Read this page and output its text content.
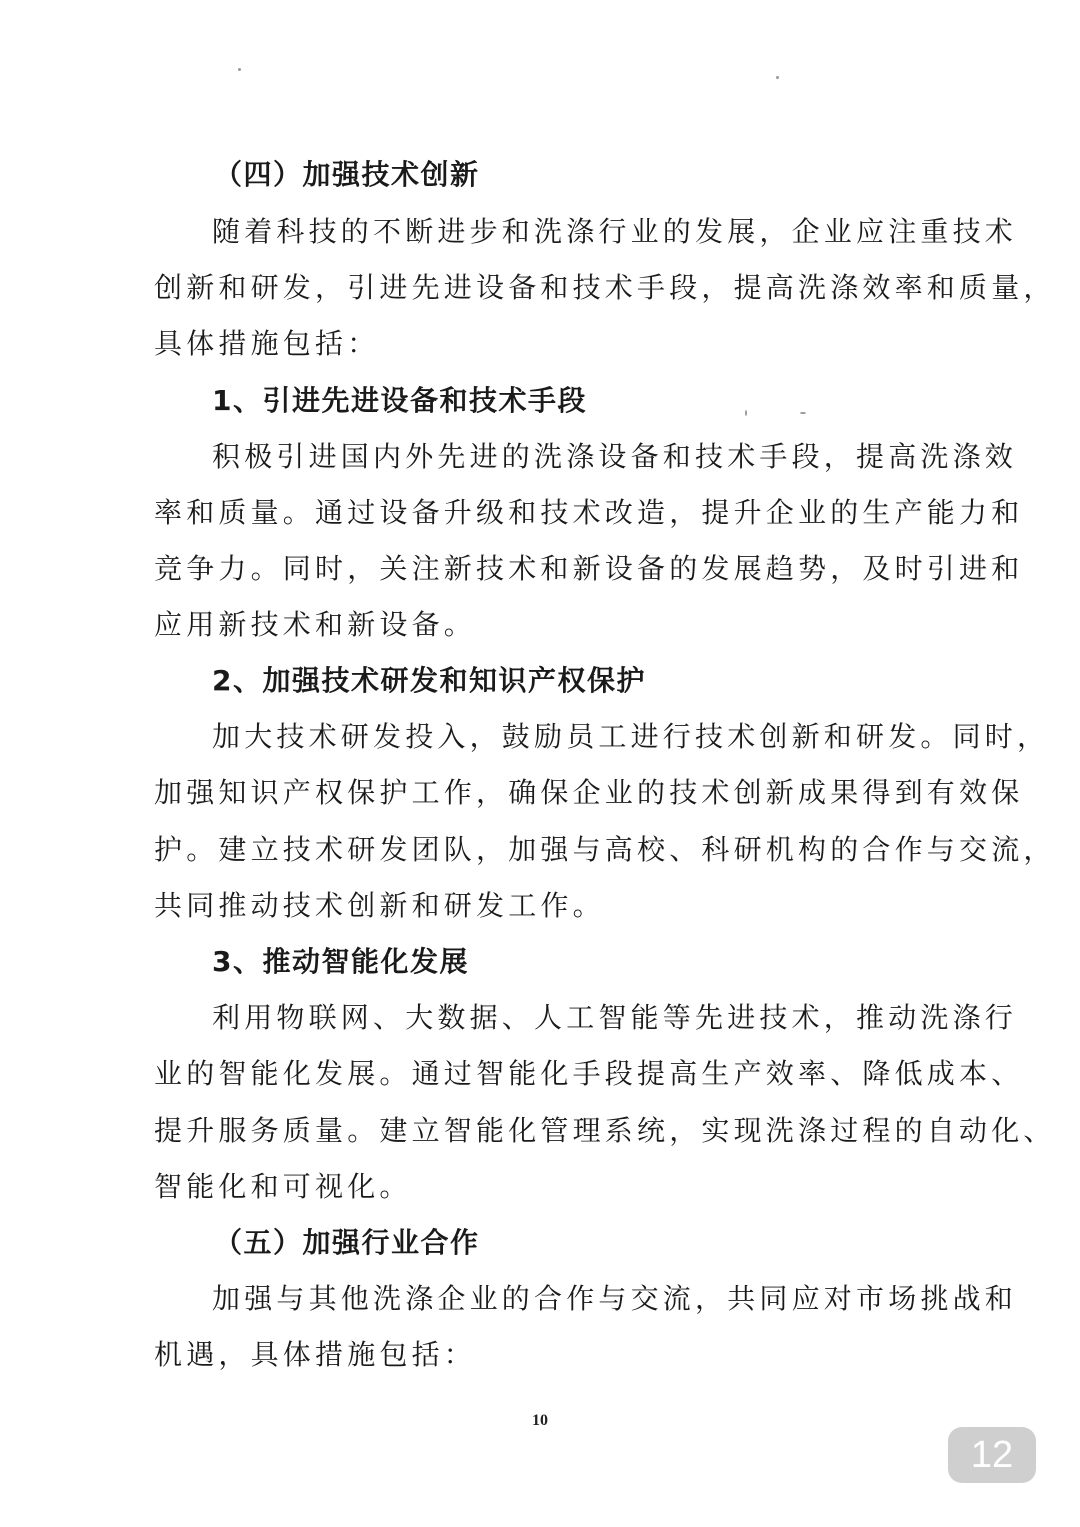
（四）加强技术创新
随着科技的不断进步和洗涤行业的发展，企业应注重技术
创新和研发，引进先进设备和技术手段，提高洗涤效率和质量，
具体措施包括：
1、引进先进设备和技术手段
积极引进国内外先进的洗涤设备和技术手段，提高洗涤效
率和质量。通过设备升级和技术改造，提升企业的生产能力和
竞争力。同时，关注新技术和新设备的发展趋势，及时引进和
应用新技术和新设备。
2、加强技术研发和知识产权保护
加大技术研发投入，鼓励员工进行技术创新和研发。同时，
加强知识产权保护工作，确保企业的技术创新成果得到有效保
护。建立技术研发团队，加强与高校、科研机构的合作与交流，
共同推动技术创新和研发工作。
3、推动智能化发展
利用物联网、大数据、人工智能等先进技术，推动洗涤行
业的智能化发展。通过智能化手段提高生产效率、降低成本、
提升服务质量。建立智能化管理系统，实现洗涤过程的自动化、
智能化和可视化。
（五）加强行业合作
加强与其他洗涤企业的合作与交流，共同应对市场挑战和
机遇，具体措施包括：
10
12
